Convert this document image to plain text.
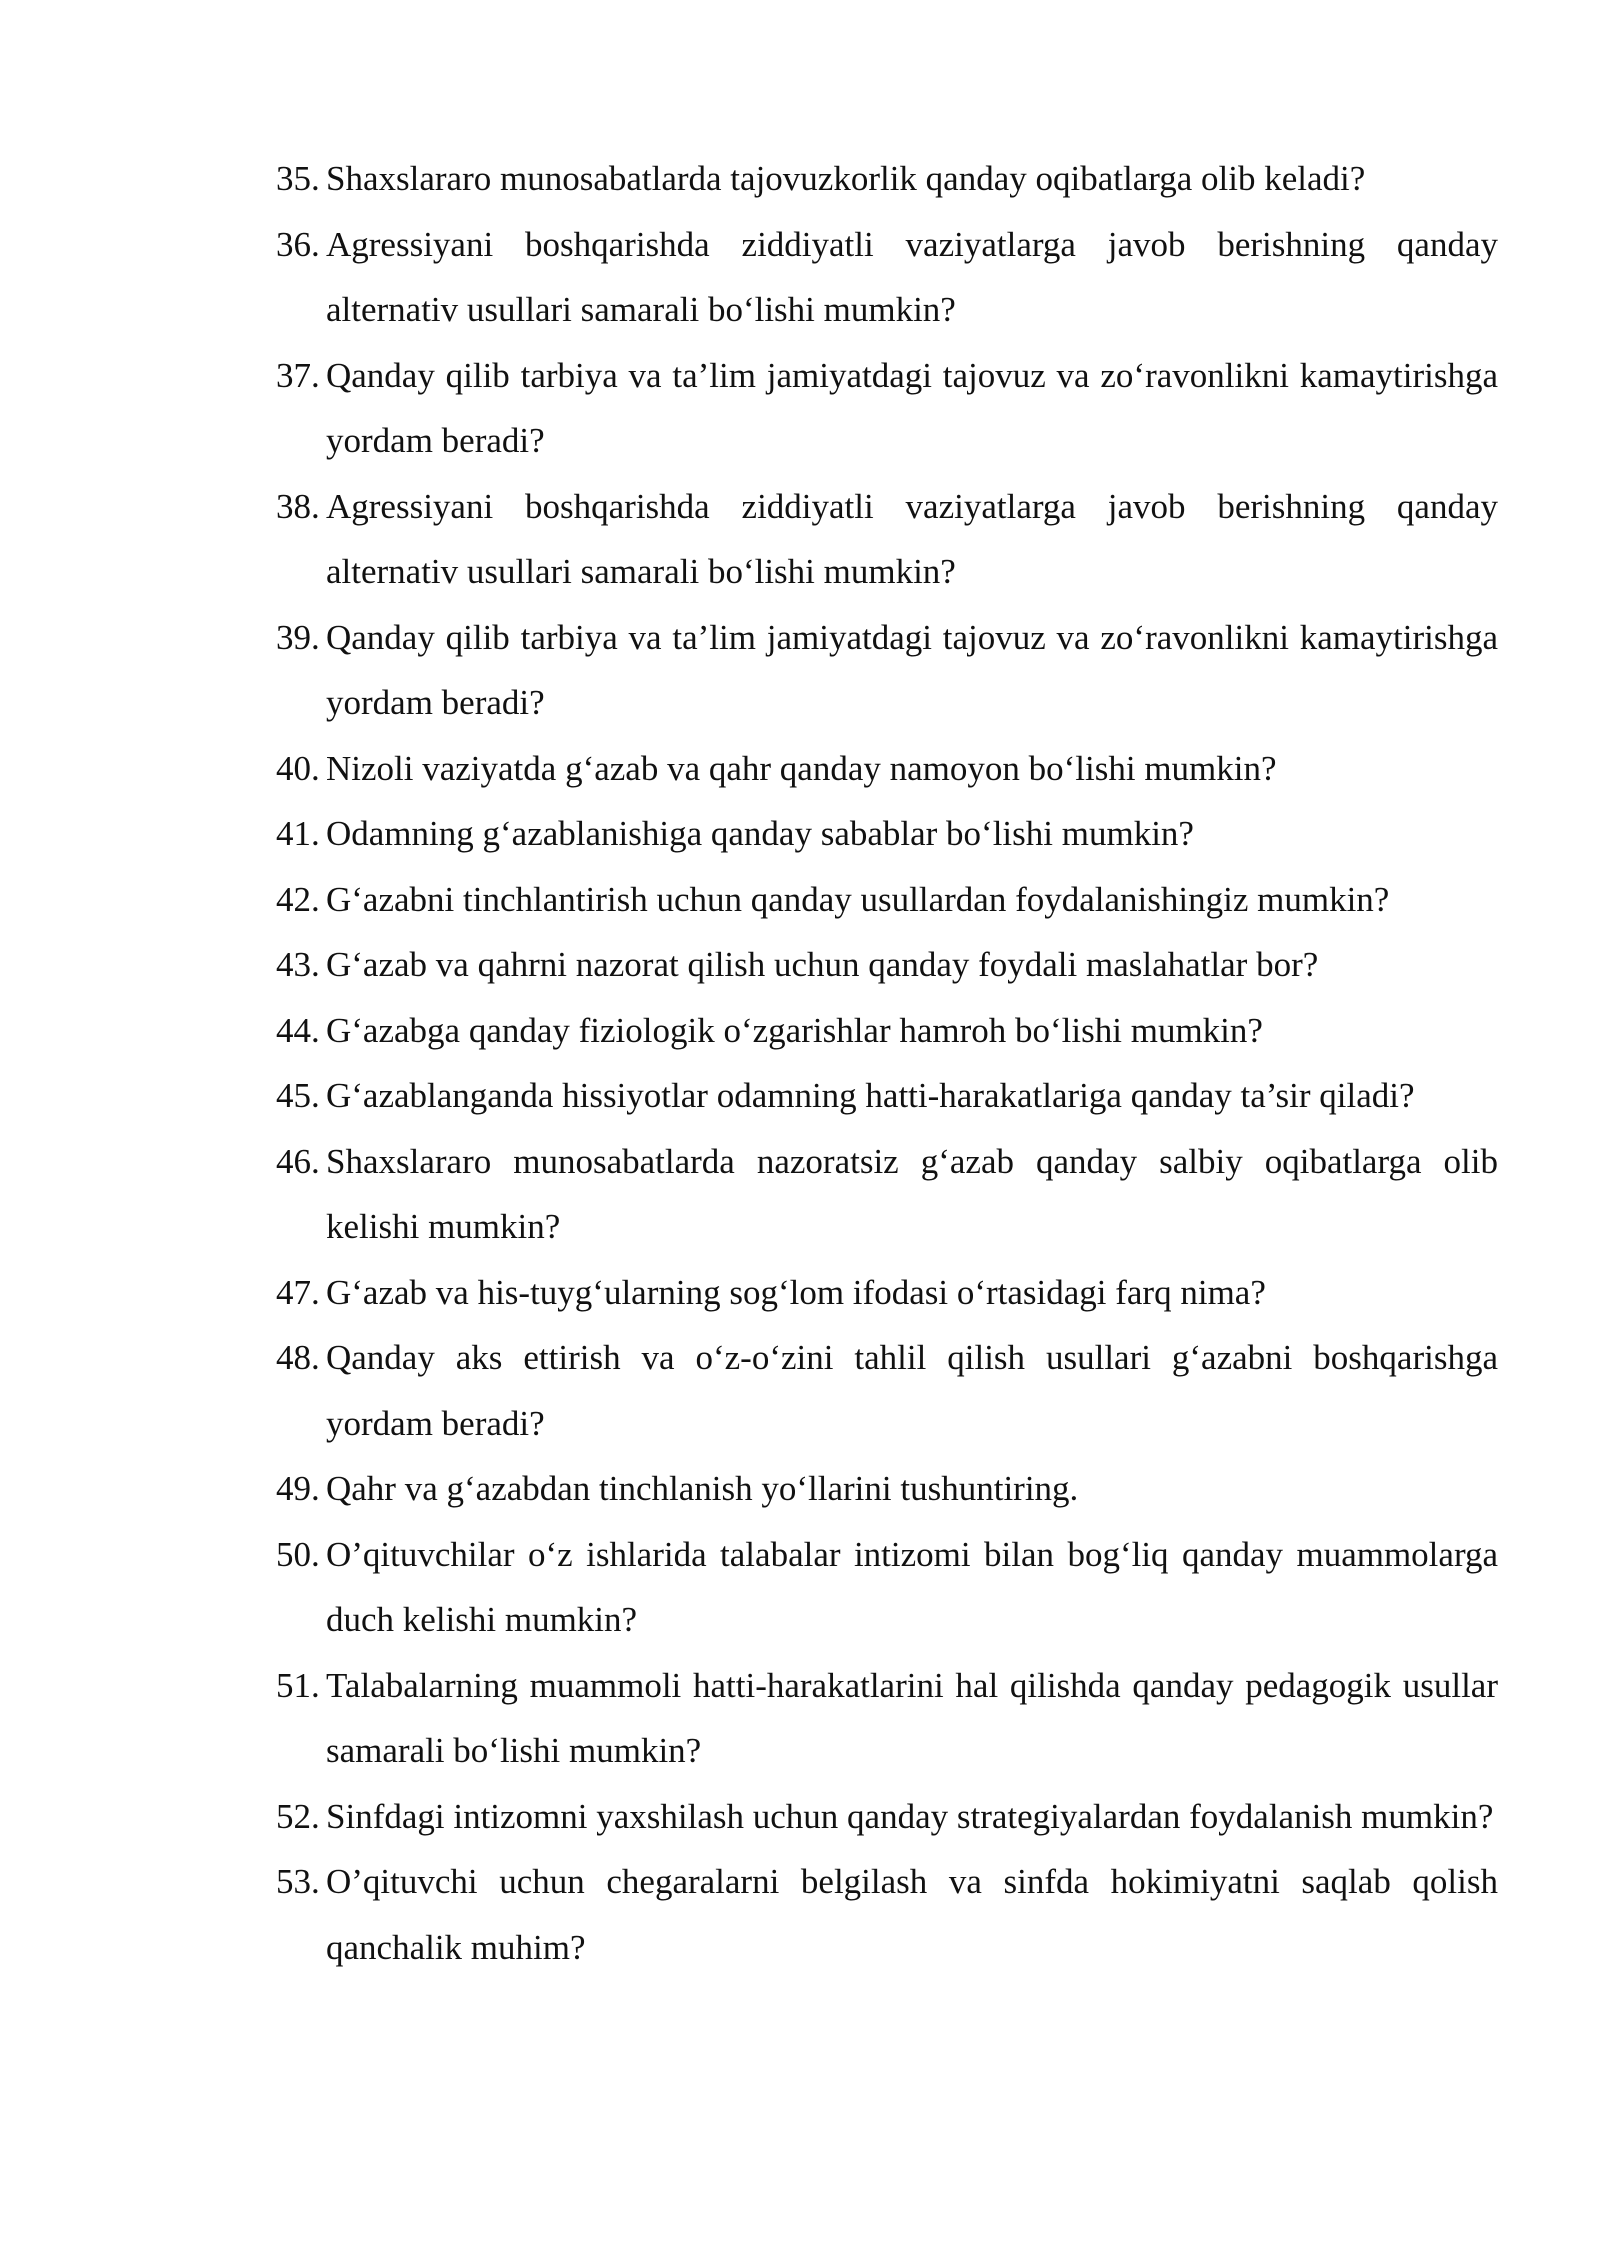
35. Shaxslararo munosabatlarda tajovuzkorlik qanday oqibatlarga olib keladi?
36. Agressiyani boshqarishda ziddiyatli vaziyatlarga javob berishning qanday alternativ usullari samarali bo‘lishi mumkin?
37. Qanday qilib tarbiya va ta’lim jamiyatdagi tajovuz va zo‘ravonlikni kamaytirishga yordam beradi?
38. Agressiyani boshqarishda ziddiyatli vaziyatlarga javob berishning qanday alternativ usullari samarali bo‘lishi mumkin?
39. Qanday qilib tarbiya va ta’lim jamiyatdagi tajovuz va zo‘ravonlikni kamaytirishga yordam beradi?
40. Nizoli vaziyatda g‘azab va qahr qanday namoyon bo‘lishi mumkin?
41. Odamning g‘azablanishiga qanday sabablar bo‘lishi mumkin?
42. G‘azabni tinchlantirish uchun qanday usullardan foydalanishingiz mumkin?
43. G‘azab va qahrni nazorat qilish uchun qanday foydali maslahatlar bor?
44. G‘azabga qanday fiziologik o‘zgarishlar hamroh bo‘lishi mumkin?
45. G‘azablanganda hissiyotlar odamning hatti-harakatlariga qanday ta’sir qiladi?
46. Shaxslararo munosabatlarda nazoratsiz g‘azab qanday salbiy oqibatlarga olib kelishi mumkin?
47. G‘azab va his-tuyg‘ularning sog‘lom ifodasi o‘rtasidagi farq nima?
48. Qanday aks ettirish va o‘z-o‘zini tahlil qilish usullari g‘azabni boshqarishga yordam beradi?
49. Qahr va g‘azabdan tinchlanish yo‘llarini tushuntiring.
50. O’qituvchilar o‘z ishlarida talabalar intizomi bilan bog‘liq qanday muammolarga duch kelishi mumkin?
51. Talabalarning muammoli hatti-harakatlarini hal qilishda qanday pedagogik usullar samarali bo‘lishi mumkin?
52. Sinfdagi intizomni yaxshilash uchun qanday strategiyalardan foydalanish mumkin?
53. O’qituvchi uchun chegaralarni belgilash va sinfda hokimiyatni saqlab qolish qanchalik muhim?
